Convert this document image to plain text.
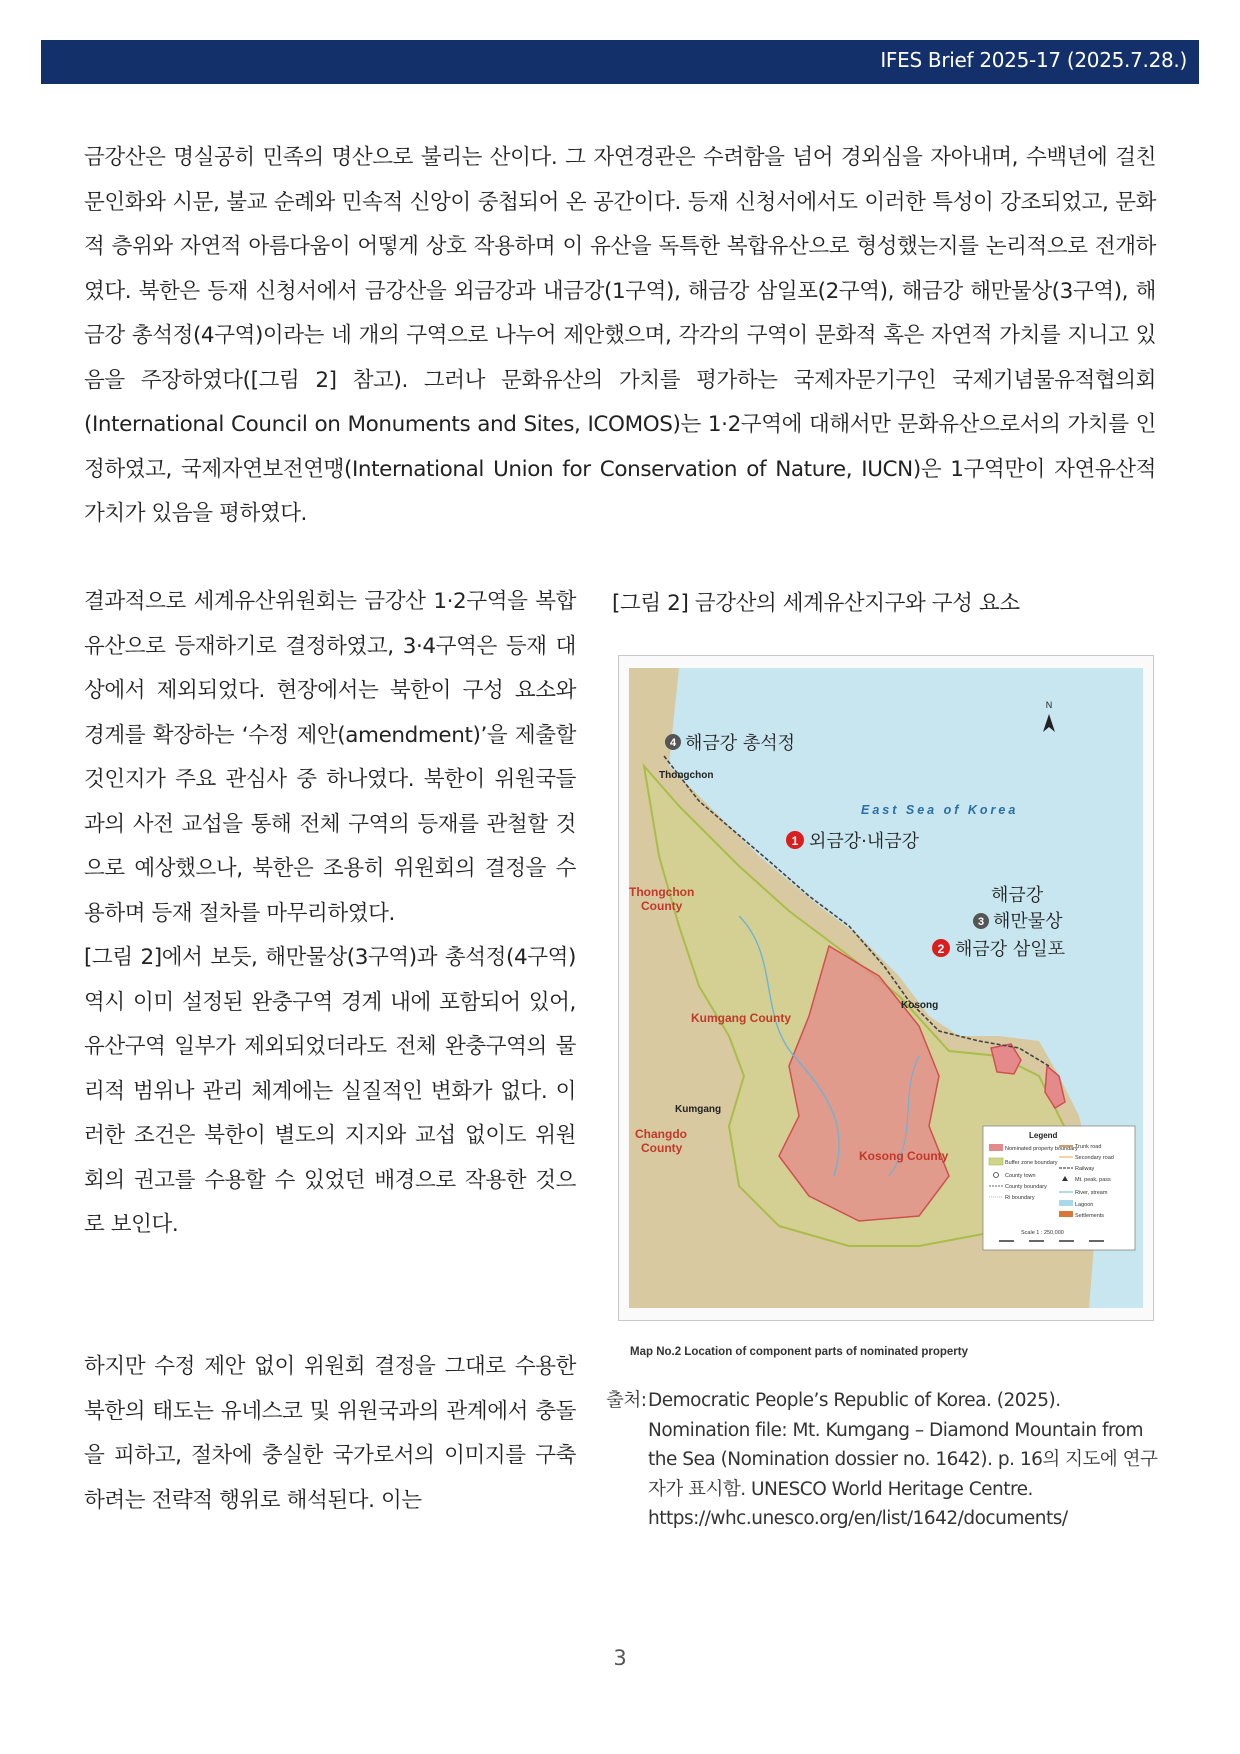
IFES Brief 2025-17 (2025.7.28.)

금강산은 명실공히 민족의 명산으로 불리는 산이다. 그 자연경관은 수려함을 넘어 경외심을 자아내며, 수백년에 걸친 문인화와 시문, 불교 순례와 민속적 신앙이 중첩되어 온 공간이다. 등재 신청서에서도 이러한 특성이 강조되었고, 문화적 층위와 자연적 아름다움이 어떻게 상호 작용하며 이 유산을 독특한 복합유산으로 형성했는지를 논리적으로 전개하였다. 북한은 등재 신청서에서 금강산을 외금강과 내금강(1구역), 해금강 삼일포(2구역), 해금강 해만물상(3구역), 해금강 총석정(4구역)이라는 네 개의 구역으로 나누어 제안했으며, 각각의 구역이 문화적 혹은 자연적 가치를 지니고 있음을 주장하였다([그림 2] 참고). 그러나 문화유산의 가치를 평가하는 국제자문기구인 국제기념물유적협의회(International Council on Monuments and Sites, ICOMOS)는 1·2구역에 대해서만 문화유산으로서의 가치를 인정하였고, 국제자연보전연맹(International Union for Conservation of Nature, IUCN)은 1구역만이 자연유산적 가치가 있음을 평하였다.

결과적으로 세계유산위원회는 금강산 1·2구역을 복합유산으로 등재하기로 결정하였고, 3·4구역은 등재 대상에서 제외되었다. 현장에서는 북한이 구성 요소와 경계를 확장하는 ‘수정 제안(amendment)’을 제출할 것인지가 주요 관심사 중 하나였다. 북한이 위원국들과의 사전 교섭을 통해 전체 구역의 등재를 관철할 것으로 예상했으나, 북한은 조용히 위원회의 결정을 수용하며 등재 절차를 마무리하였다.
[그림 2]에서 보듯, 해만물상(3구역)과 총석정(4구역) 역시 이미 설정된 완충구역 경계 내에 포함되어 있어, 유산구역 일부가 제외되었더라도 전체 완충구역의 물리적 범위나 관리 체계에는 실질적인 변화가 없다. 이러한 조건은 북한이 별도의 지지와 교섭 없이도 위원회의 권고를 수용할 수 있었던 배경으로 작용한 것으로 보인다.

하지만 수정 제안 없이 위원회 결정을 그대로 수용한 북한의 태도는 유네스코 및 위원국과의 관계에서 충돌을 피하고, 절차에 충실한 국가로서의 이미지를 구축하려는 전략적 행위로 해석된다. 이는

[그림 2] 금강산의 세계유산지구와 구성 요소
N
4 해금강 총석정
Thongchon
East Sea of Korea
1 외금강·내금강
Thongchon
County	해금강
3 해만물상
2 해금강 삼일포
Kosong
Kumgang County
Kumgang
Changdo
County
Kosong County
Legend
Nominated property boundary
Buffer zone boundary
County town
County boundary
Ri boundary
Trunk road
Secondary road
Railway
Mt. peak, pass
River, stream
Lagoon
Settlements
Scale 1 : 250,000
Map No.2 Location of component parts of nominated property
출처: Democratic People’s Republic of Korea. (2025). Nomination file: Mt. Kumgang – Diamond Mountain from the Sea (Nomination dossier no. 1642). p. 16의 지도에 연구자가 표시함. UNESCO World Heritage Centre. https://whc.unesco.org/en/list/1642/documents/
3
